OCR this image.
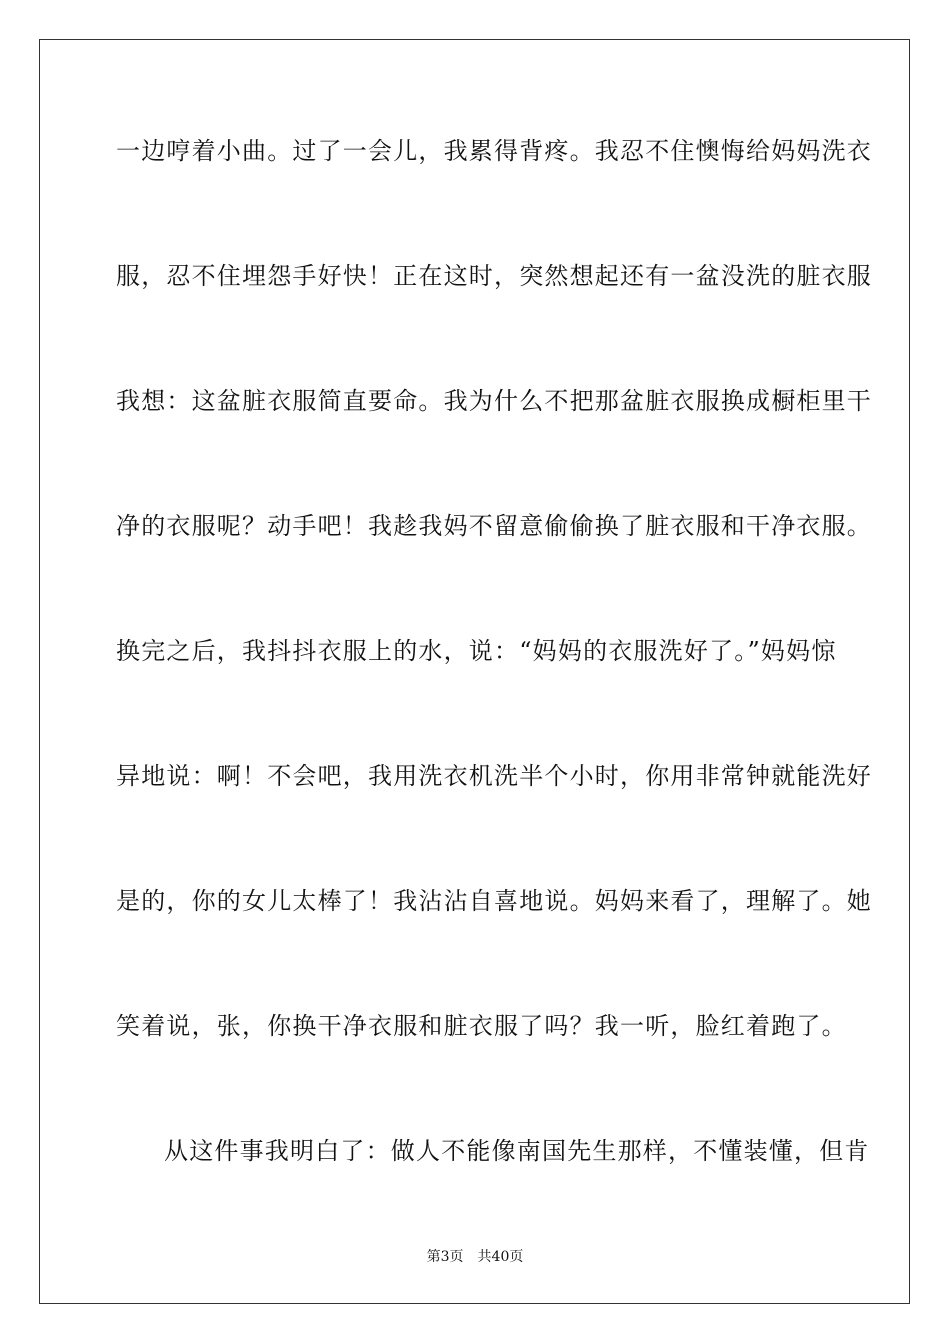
一边哼着小曲。过了一会儿，我累得背疼。我忍不住懊悔给妈妈洗衣
服，忍不住埋怨手好快！正在这时，突然想起还有一盆没洗的脏衣服
我想：这盆脏衣服简直要命。我为什么不把那盆脏衣服换成橱柜里干
净的衣服呢？动手吧！我趁我妈不留意偷偷换了脏衣服和干净衣服。
换完之后，我抖抖衣服上的水，说：“妈妈的衣服洗好了。”妈妈惊
异地说：啊！不会吧，我用洗衣机洗半个小时，你用非常钟就能洗好
是的，你的女儿太棒了！我沾沾自喜地说。妈妈来看了，理解了。她
笑着说，张，你换干净衣服和脏衣服了吗？我一听，脸红着跑了。
从这件事我明白了：做人不能像南国先生那样，不懂装懂，但肯
第3页　共40页
